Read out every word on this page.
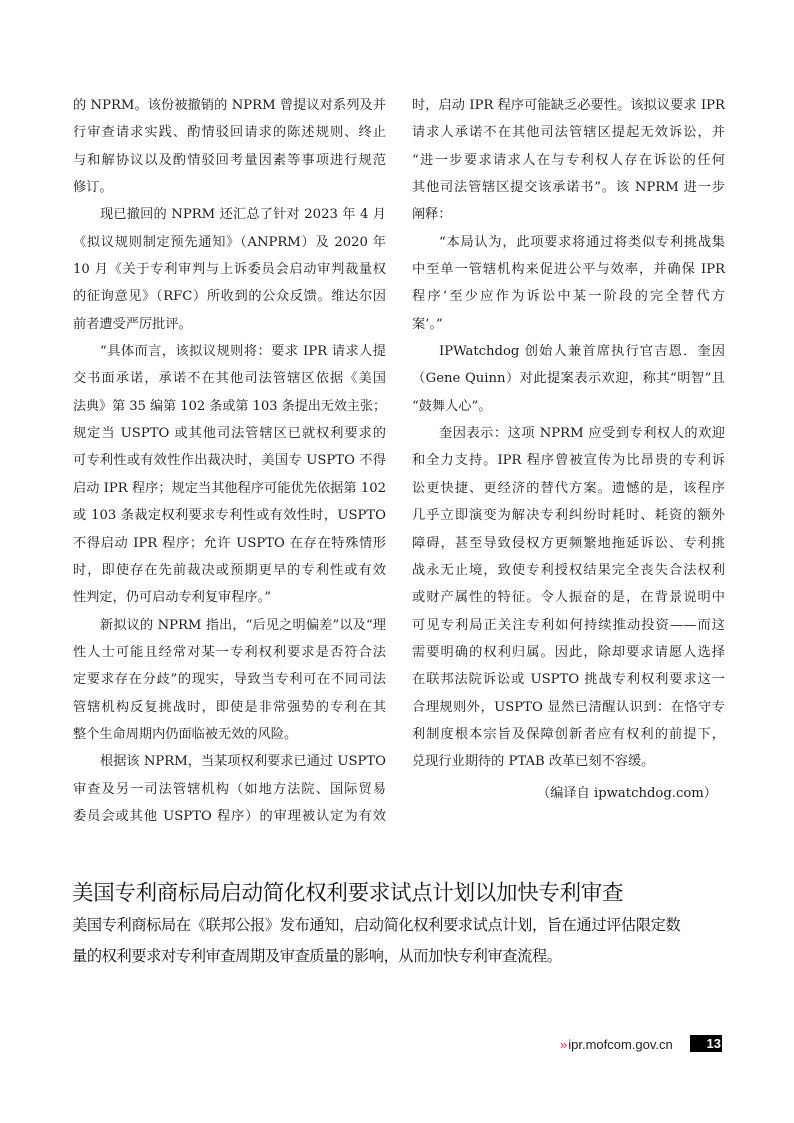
的 NPRM。该份被撤销的 NPRM 曾提议对系列及并
行审查请求实践、酌情驳回请求的陈述规则、终止
与和解协议以及酌情驳回考量因素等事项进行规范
修订。
现已撤回的 NPRM 还汇总了针对 2023 年 4 月
《拟议规则制定预先通知》（ANPRM）及 2020 年
10 月《关于专利审判与上诉委员会启动审判裁量权
的征询意见》（RFC）所收到的公众反馈。维达尔因
前者遭受严厉批评。
“具体而言，该拟议规则将：要求 IPR 请求人提
交书面承诺，承诺不在其他司法管辖区依据《美国
法典》第 35 编第 102 条或第 103 条提出无效主张；
规定当 USPTO 或其他司法管辖区已就权利要求的
可专利性或有效性作出裁决时，美国专 USPTO 不得
启动 IPR 程序；规定当其他程序可能优先依据第 102
或 103 条裁定权利要求专利性或有效性时，USPTO
不得启动 IPR 程序；允许 USPTO 在存在特殊情形
时，即使存在先前裁决或预期更早的专利性或有效
性判定，仍可启动专利复审程序。”
新拟议的 NPRM 指出，“后见之明偏差”以及“理
性人士可能且经常对某一专利权利要求是否符合法
定要求存在分歧”的现实，导致当专利可在不同司法
管辖机构反复挑战时，即使是非常强势的专利在其
整个生命周期内仍面临被无效的风险。
根据该 NPRM，当某项权利要求已通过 USPTO
审查及另一司法管辖机构（如地方法院、国际贸易
委员会或其他 USPTO 程序）的审理被认定为有效
时，启动 IPR 程序可能缺乏必要性。该拟议要求 IPR
请求人承诺不在其他司法管辖区提起无效诉讼，并
“进一步要求请求人在与专利权人存在诉讼的任何
其他司法管辖区提交该承诺书”。该 NPRM 进一步
阐释：
“本局认为，此项要求将通过将类似专利挑战集
中至单一管辖机构来促进公平与效率，并确保 IPR
程序‘至少应作为诉讼中某一阶段的完全替代方
案’。”
IPWatchdog 创始人兼首席执行官吉恩．奎因
（Gene Quinn）对此提案表示欢迎，称其“明智”且
“鼓舞人心”。
奎因表示：这项 NPRM 应受到专利权人的欢迎
和全力支持。IPR 程序曾被宣传为比昂贵的专利诉
讼更快捷、更经济的替代方案。遗憾的是，该程序
几乎立即演变为解决专利纠纷时耗时、耗资的额外
障碍，甚至导致侵权方更频繁地拖延诉讼、专利挑
战永无止境，致使专利授权结果完全丧失合法权利
或财产属性的特征。令人振奋的是，在背景说明中
可见专利局正关注专利如何持续推动投资——而这
需要明确的权利归属。因此，除却要求请愿人选择
在联邦法院诉讼或 USPTO 挑战专利权利要求这一
合理规则外，USPTO 显然已清醒认识到：在恪守专
利制度根本宗旨及保障创新者应有权利的前提下，
兑现行业期待的 PTAB 改革已刻不容缓。
（编译自 ipwatchdog.com）
美国专利商标局启动简化权利要求试点计划以加快专利审查
美国专利商标局在《联邦公报》发布通知，启动简化权利要求试点计划，旨在通过评估限定数
量的权利要求对专利审查周期及审查质量的影响，从而加快专利审查流程。
» ipr.mofcom.gov.cn	13
